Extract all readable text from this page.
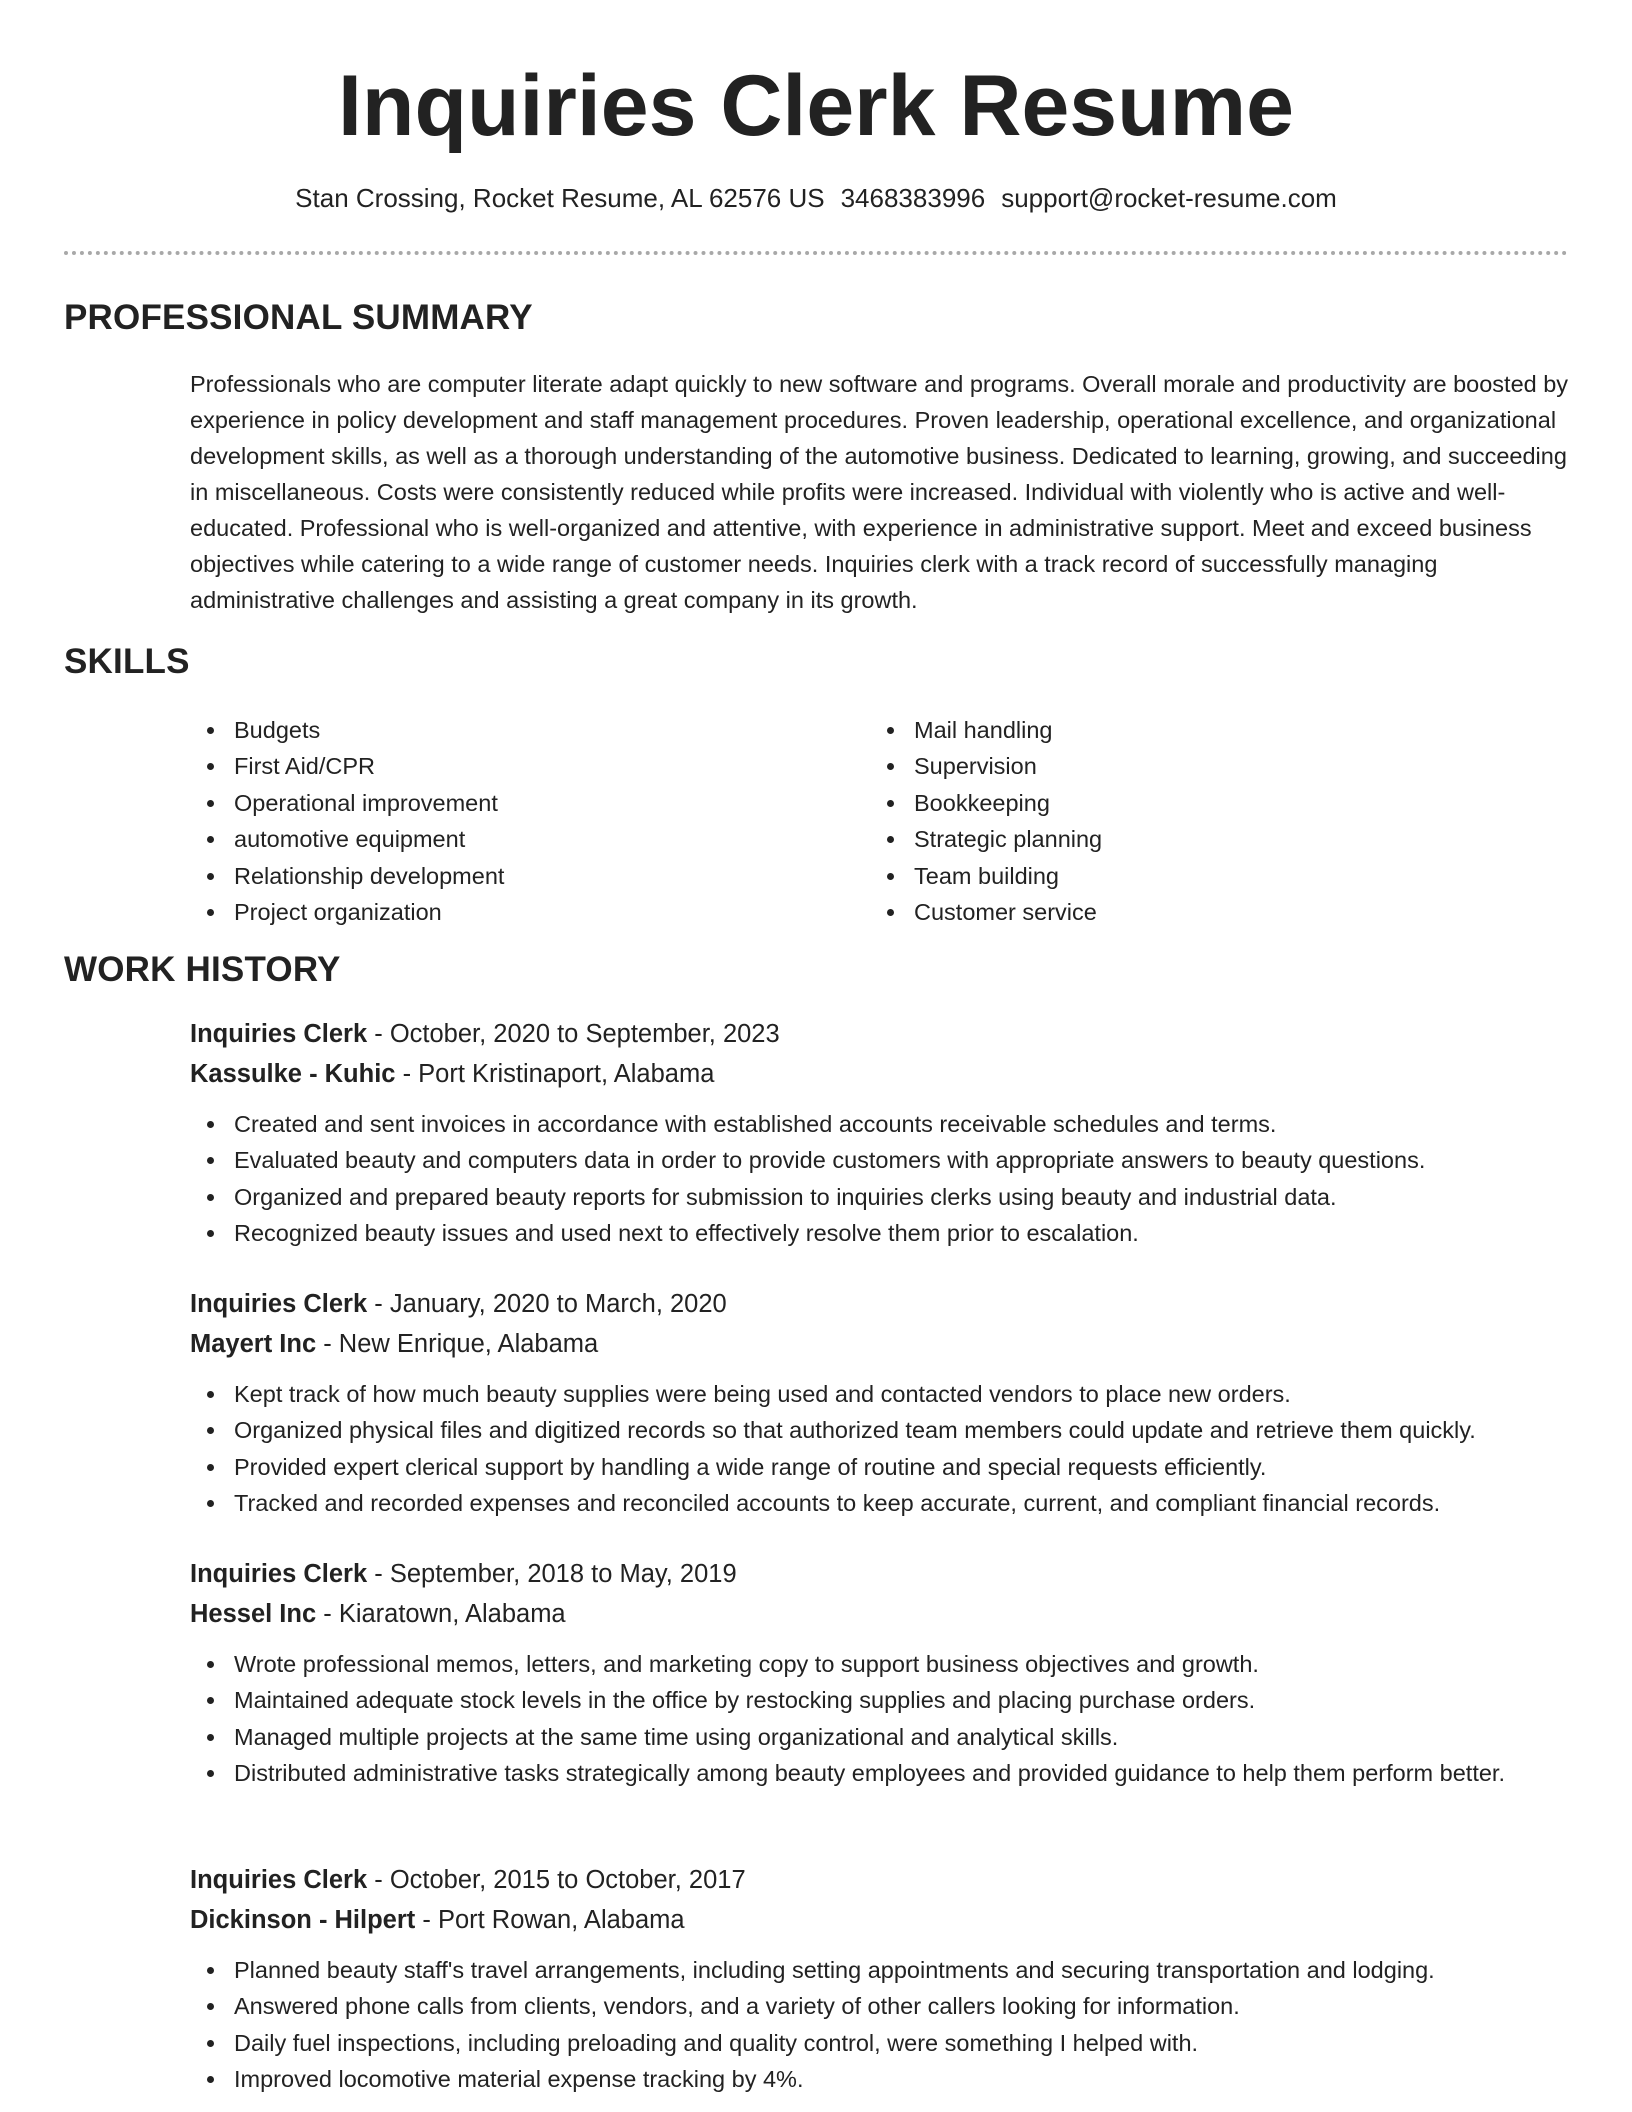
Inquiries Clerk Resume
Stan Crossing, Rocket Resume, AL 62576 US 3468383996 support@rocket-resume.com
PROFESSIONAL SUMMARY

Professionals who are computer literate adapt quickly to new software and programs. Overall morale and productivity are boosted by experience in policy development and staff management procedures. Proven leadership, operational excellence, and organizational development skills, as well as a thorough understanding of the automotive business. Dedicated to learning, growing, and succeeding in miscellaneous. Costs were consistently reduced while profits were increased. Individual with violently who is active and well-educated. Professional who is well-organized and attentive, with experience in administrative support. Meet and exceed business objectives while catering to a wide range of customer needs. Inquiries clerk with a track record of successfully managing administrative challenges and assisting a great company in its growth.

SKILLS
Budgets
First Aid/CPR
Operational improvement
automotive equipment
Relationship development
Project organization
Mail handling
Supervision
Bookkeeping
Strategic planning
Team building
Customer service
WORK HISTORY

Inquiries Clerk - October, 2020 to September, 2023

Kassulke - Kuhic - Port Kristinaport, Alabama

Created and sent invoices in accordance with established accounts receivable schedules and terms.
Evaluated beauty and computers data in order to provide customers with appropriate answers to beauty questions.
Organized and prepared beauty reports for submission to inquiries clerks using beauty and industrial data.
Recognized beauty issues and used next to effectively resolve them prior to escalation.

Inquiries Clerk - January, 2020 to March, 2020

Mayert Inc - New Enrique, Alabama

Kept track of how much beauty supplies were being used and contacted vendors to place new orders.
Organized physical files and digitized records so that authorized team members could update and retrieve them quickly.
Provided expert clerical support by handling a wide range of routine and special requests efficiently.
Tracked and recorded expenses and reconciled accounts to keep accurate, current, and compliant financial records.

Inquiries Clerk - September, 2018 to May, 2019

Hessel Inc - Kiaratown, Alabama

Wrote professional memos, letters, and marketing copy to support business objectives and growth.
Maintained adequate stock levels in the office by restocking supplies and placing purchase orders.
Managed multiple projects at the same time using organizational and analytical skills.
Distributed administrative tasks strategically among beauty employees and provided guidance to help them perform better.

Inquiries Clerk - October, 2015 to October, 2017

Dickinson - Hilpert - Port Rowan, Alabama

Planned beauty staff's travel arrangements, including setting appointments and securing transportation and lodging.
Answered phone calls from clients, vendors, and a variety of other callers looking for information.
Daily fuel inspections, including preloading and quality control, were something I helped with.
Improved locomotive material expense tracking by 4%.
